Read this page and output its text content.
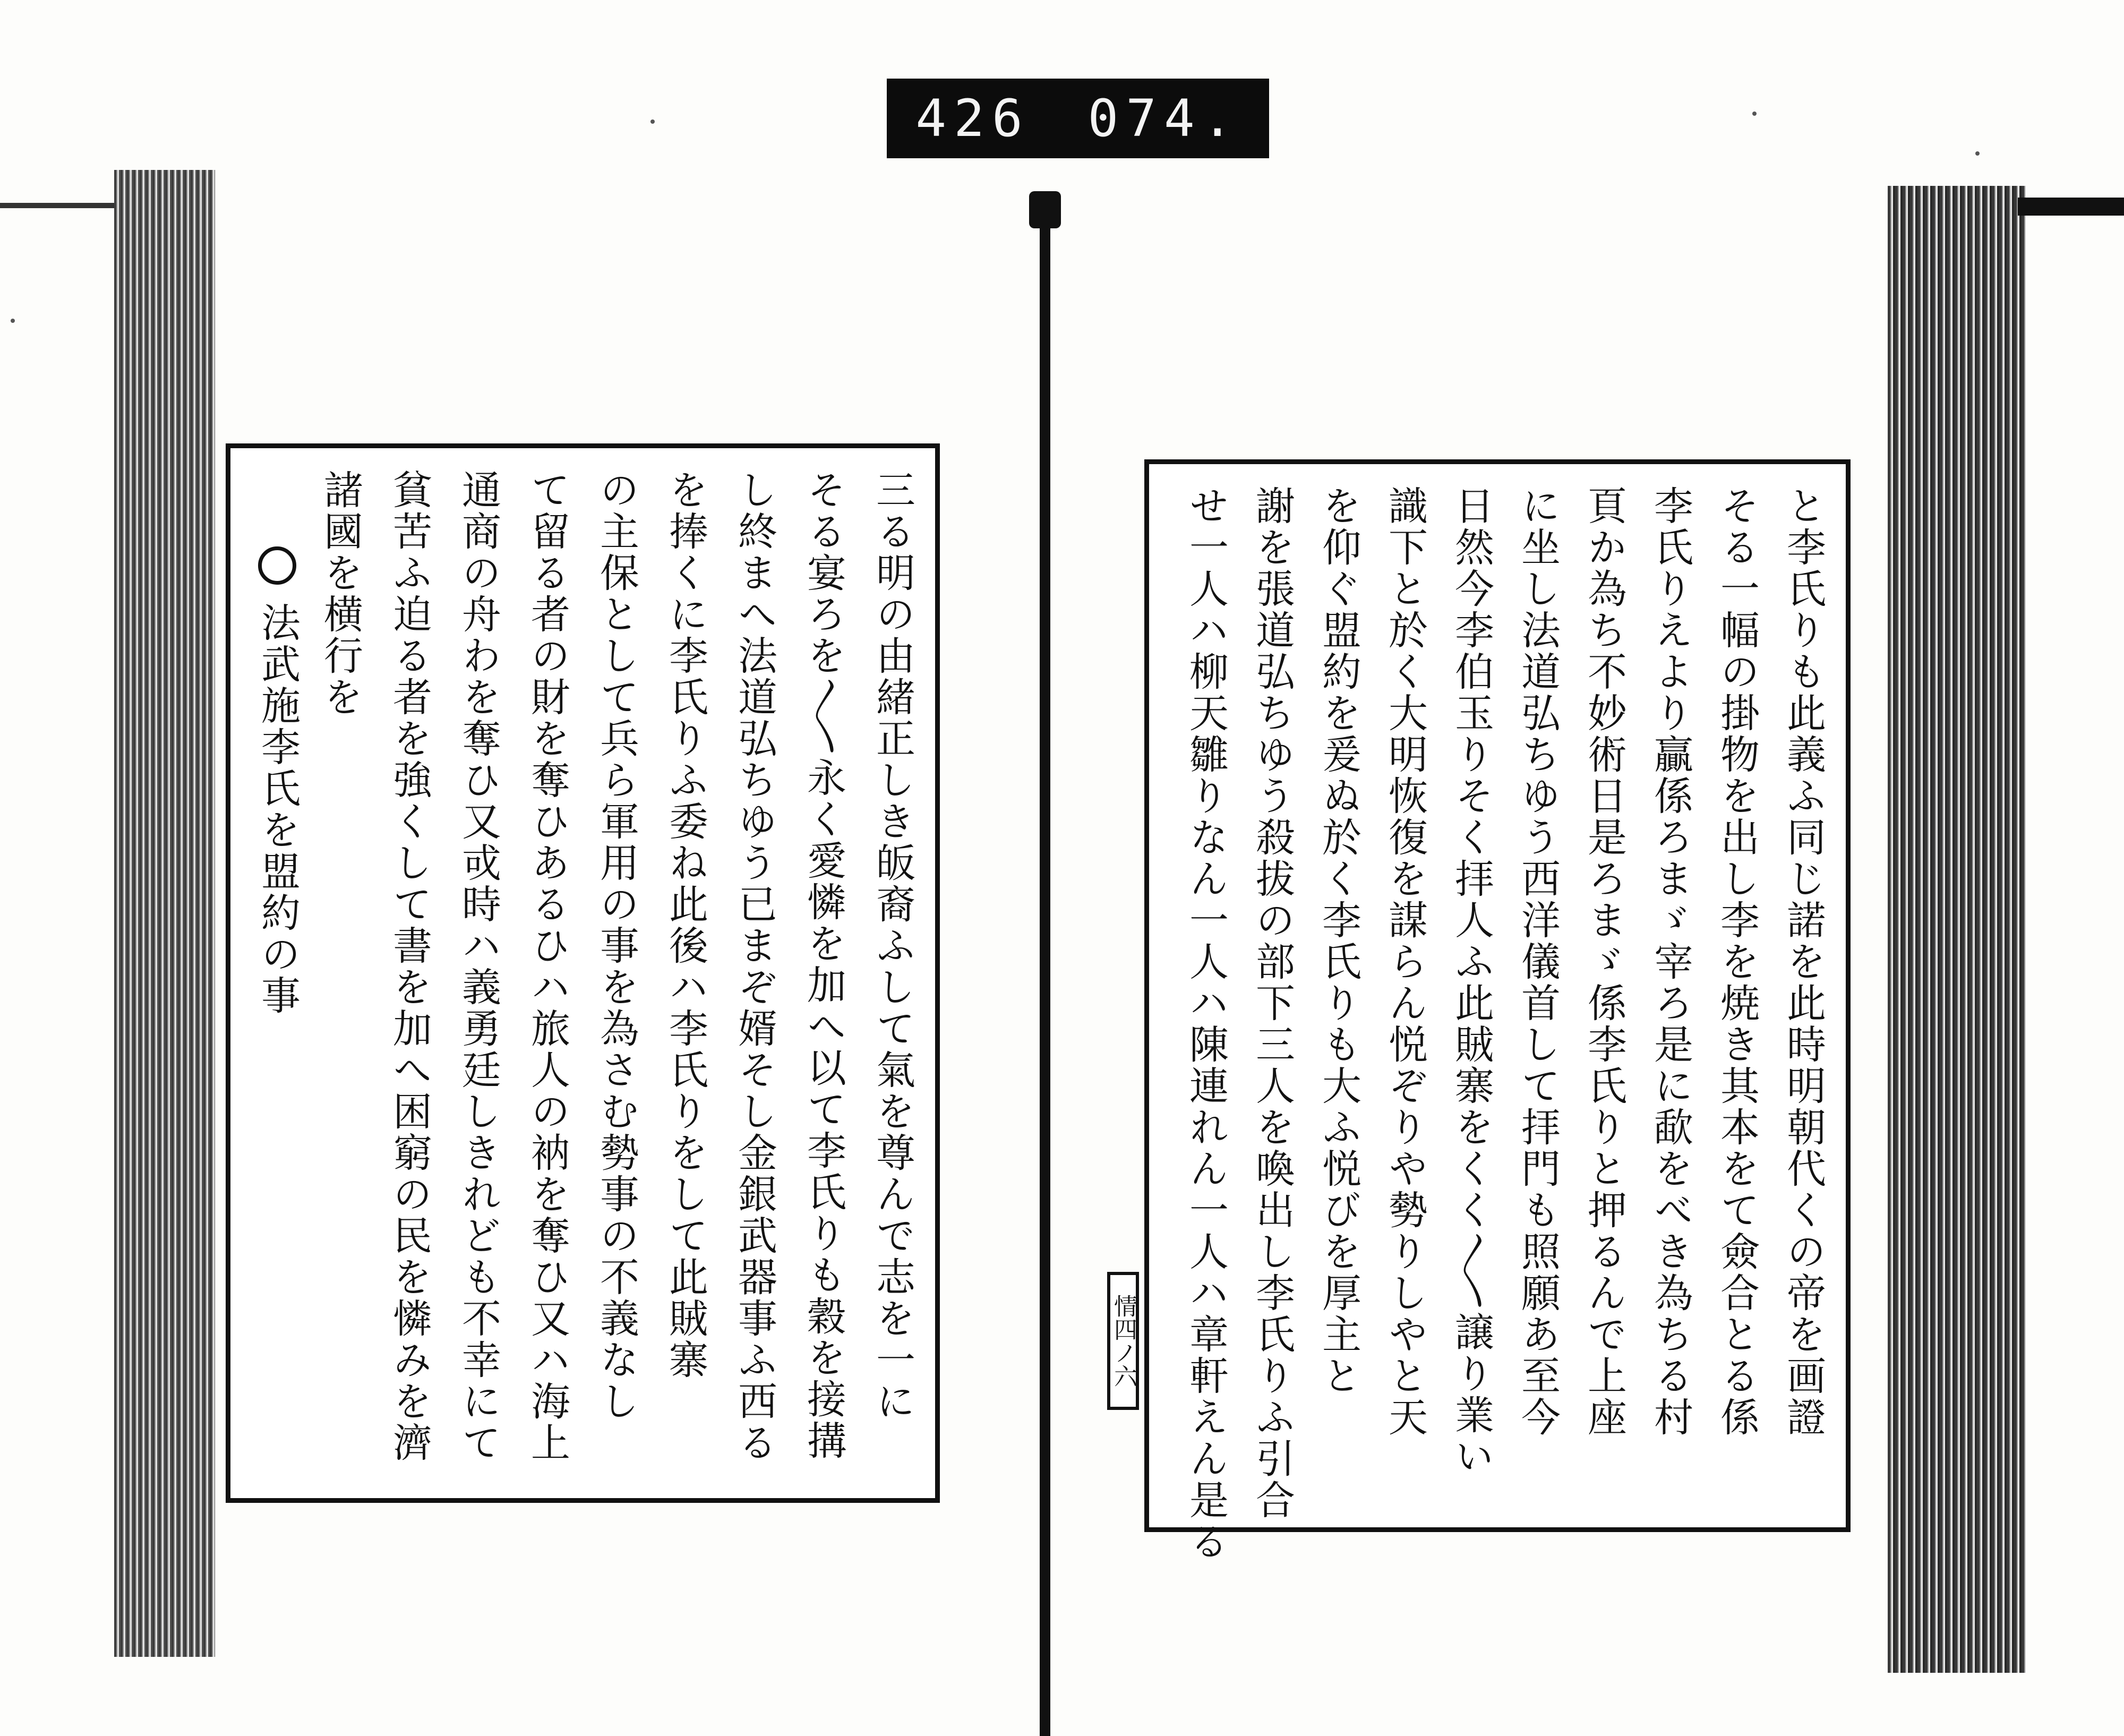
426 074.
三る明の由緒正しき皈裔ふして氣を尊んで志を一に
そる宴ろを〳〵永く愛憐を加へ以て李氏りも穀を接搆
し終まへ法道弘ちゆう已まぞ婿そし金銀武器事ふ西る
を捧くに李氏りふ委ね此後ハ李氏りをして此賊寨
の主保として兵ら軍用の事を為さむ勢事の不義なし
て留る者の財を奪ひあるひハ旅人の衲を奪ひ又ハ海上
通商の舟わを奪ひ又戓時ハ義勇廷しきれども不幸にて
貧苦ふ迫る者を強くして書を加へ困窮の民を憐みを濟
諸國を横行を
法武施李氏を盟約の事	と李氏りも此義ふ同じ諾を此時明朝代くの帝を画證
そる一幅の掛物を出し李を焼き其本をて僉合とる係
李氏りえより贏係ろまゞ宰ろ是に歃をべき為ちる村
頁か為ち不妙術日是ろまゞ係李氏りと押るんで上座
に坐し法道弘ちゆう西洋儀首して拝門も照願あ至今
日然今李伯玉りそく拝人ふ此賊寨をくく〳〵譲り業い
識下と於く大明恢復を謀らん悦ぞりや勢りしやと天
を仰ぐ盟約を爰ぬ於く李氏りも大ふ悦びを厚主と
謝を張道弘ちゆう殺拔の部下三人を喚出し李氏りふ引合
せ一人ハ柳天雛りなん一人ハ陳連れん一人ハ章軒えん是る
情四ノ六
